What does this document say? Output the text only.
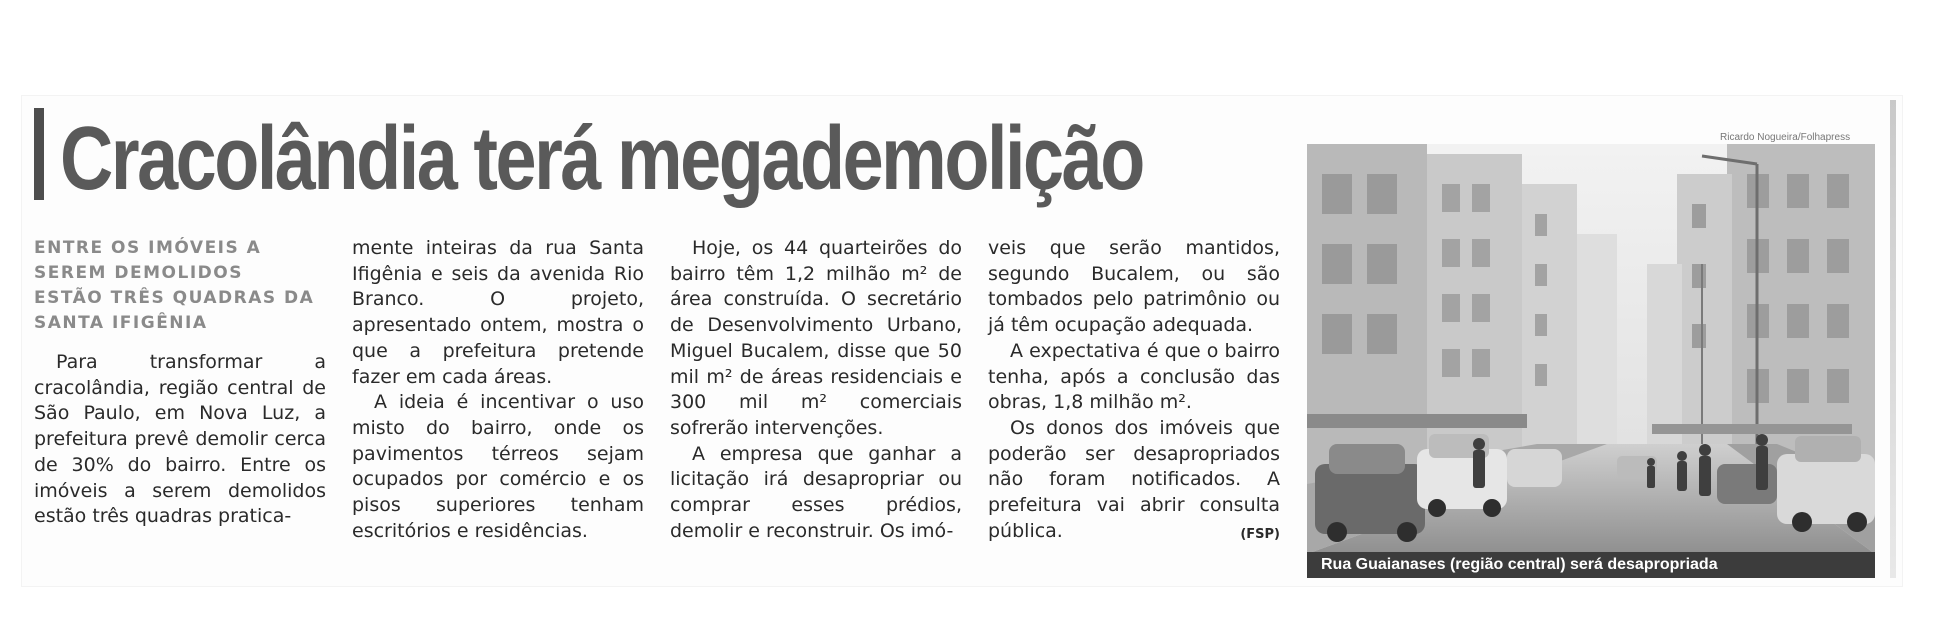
Cracolândia terá megademolição
ENTRE OS IMÓVEIS A
SEREM DEMOLIDOS
ESTÃO TRÊS QUADRAS DA
SANTA IFIGÊNIA

Para transformar a cracolândia, região central de São Paulo, em Nova Luz, a prefeitura prevê demolir cerca de 30% do bairro. Entre os imóveis a serem demolidos estão três quadras pratica-

mente inteiras da rua Santa Ifigênia e seis da avenida Rio Branco. O projeto, apresentado ontem, mostra o que a prefeitura pretende fazer em cada áreas.

A ideia é incentivar o uso misto do bairro, onde os pavimentos térreos sejam ocupados por comércio e os pisos superiores tenham escritórios e residências.

Hoje, os 44 quarteirões do bairro têm 1,2 milhão m² de área construída. O secretário de Desenvolvimento Urbano, Miguel Bucalem, disse que 50 mil m² de áreas residenciais e 300 mil m² comerciais sofrerão intervenções.

A empresa que ganhar a licitação irá desapropriar ou comprar esses prédios, demolir e reconstruir. Os imó-

veis que serão mantidos, segundo Bucalem, ou são tombados pelo patrimônio ou já têm ocupação adequada.

A expectativa é que o bairro tenha, após a conclusão das obras, 1,8 milhão m².

Os donos dos imóveis que poderão ser desapropriados não foram notificados. A prefeitura vai abrir consulta pública.	(FSP)
Ricardo Nogueira/Folhapress
Rua Guaianases (região central) será desapropriada
